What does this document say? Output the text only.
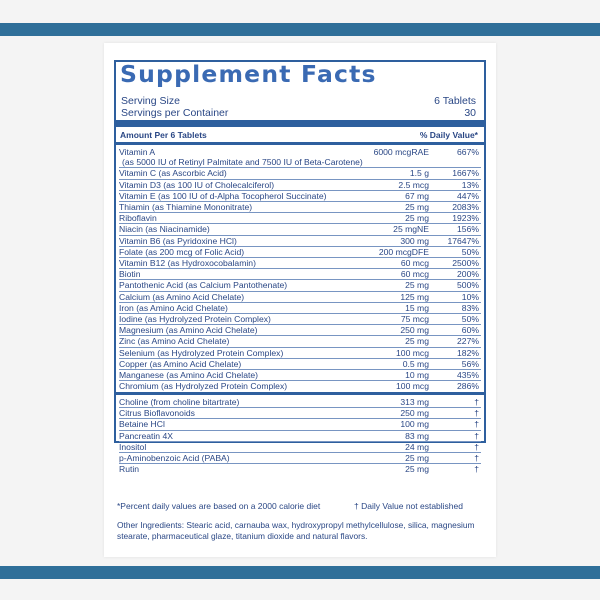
Supplement Facts
Serving Size	6 Tablets
Servings per Container	30
Amount Per 6 Tablets	% Daily Value*
Vitamin A	6000 mcgRAE	667%
(as 5000 IU of Retinyl Palmitate and 7500 IU of Beta-Carotene)		
Vitamin C (as Ascorbic Acid)	1.5 g	1667%
Vitamin D3 (as 100 IU of Cholecalciferol)	2.5 mcg	13%
Vitamin E (as 100 IU of d-Alpha Tocopherol Succinate)	67 mg	447%
Thiamin (as Thiamine Mononitrate)	25 mg	2083%
Riboflavin	25 mg	1923%
Niacin (as Niacinamide)	25 mgNE	156%
Vitamin B6 (as Pyridoxine HCl)	300 mg	17647%
Folate (as 200 mcg of Folic Acid)	200 mcgDFE	50%
Vitamin B12 (as Hydroxocobalamin)	60 mcg	2500%
Biotin	60 mcg	200%
Pantothenic Acid (as Calcium Pantothenate)	25 mg	500%
Calcium (as Amino Acid Chelate)	125 mg	10%
Iron (as Amino Acid Chelate)	15 mg	83%
Iodine (as Hydrolyzed Protein Complex)	75 mcg	50%
Magnesium (as Amino Acid Chelate)	250 mg	60%
Zinc (as Amino Acid Chelate)	25 mg	227%
Selenium (as Hydrolyzed Protein Complex)	100 mcg	182%
Copper (as Amino Acid Chelate)	0.5 mg	56%
Manganese (as Amino Acid Chelate)	10 mg	435%
Chromium (as Hydrolyzed Protein Complex)	100 mcg	286%
Choline (from choline bitartrate)	313 mg	†
Citrus Bioflavonoids	250 mg	†
Betaine HCl	100 mg	†
Pancreatin 4X	83 mg	†
Inositol	24 mg	†
p-Aminobenzoic Acid (PABA)	25 mg	†
Rutin	25 mg	†
*Percent daily values are based on a 2000 calorie diet	† Daily Value not established
Other Ingredients: Stearic acid, carnauba wax, hydroxypropyl methylcellulose, silica, magnesium stearate, pharmaceutical glaze, titanium dioxide and natural flavors.
